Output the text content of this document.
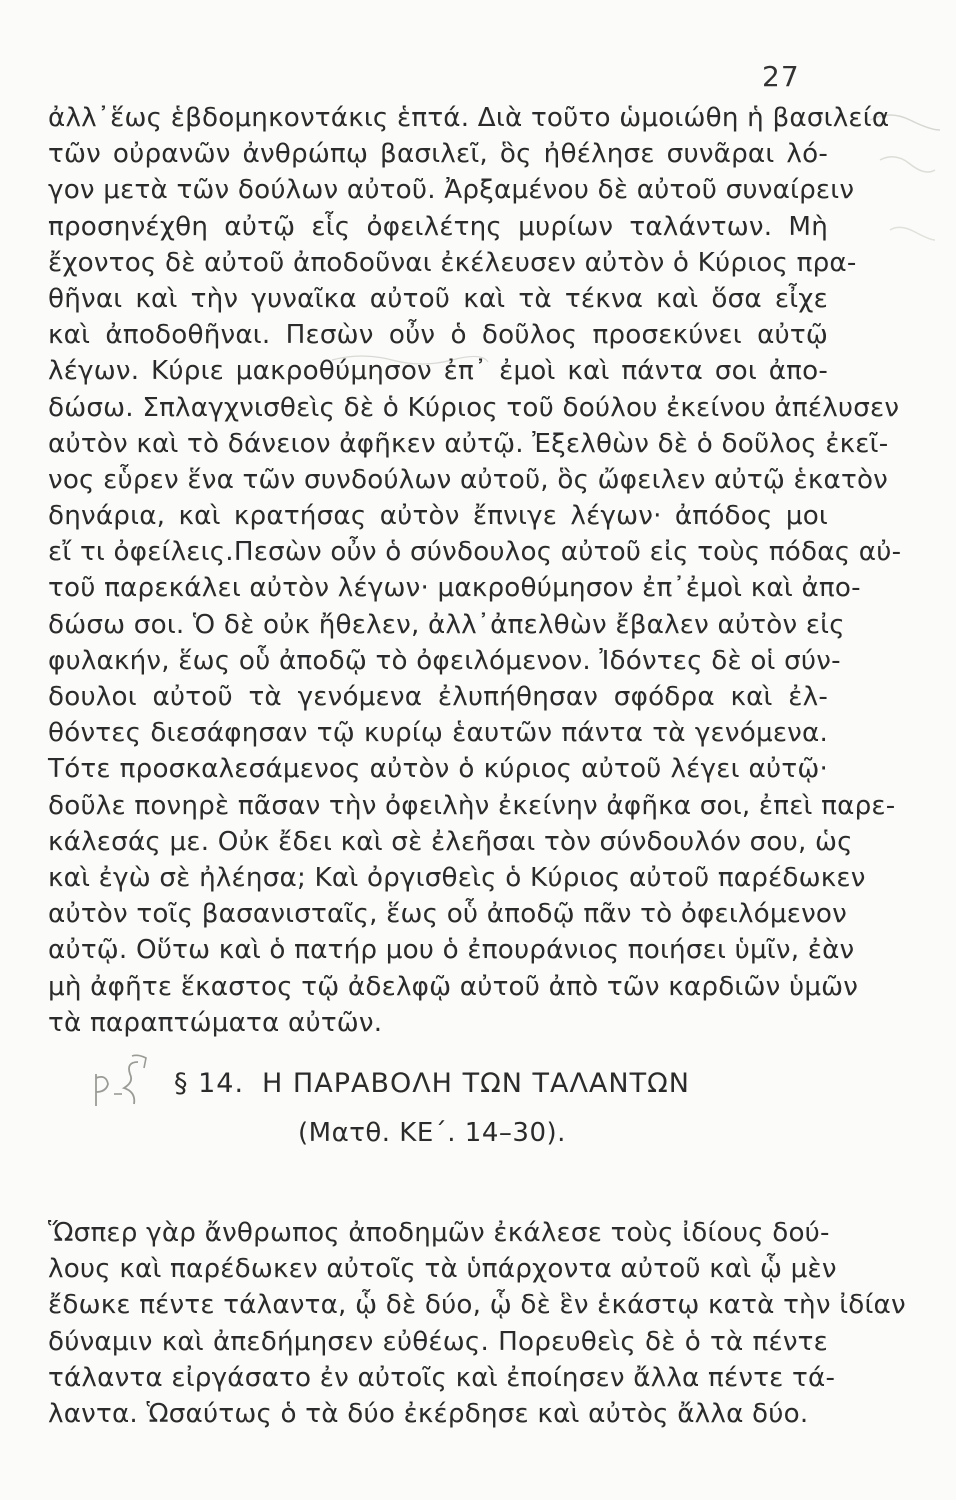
27
ἀλλ᾽ἕως ἑβδομηκοντάκις ἑπτά. Διὰ τοῦτο ὡμοιώθη ἡ βασιλεία
τῶν οὐρανῶν ἀνθρώπῳ βασιλεῖ, ὃς ἠθέλησε συνᾶραι λό-
γον μετὰ τῶν δούλων αὐτοῦ. Ἀρξαμένου δὲ αὐτοῦ συναίρειν
προσηνέχθη αὐτῷ εἷς ὀφειλέτης μυρίων ταλάντων. Μὴ
ἔχοντος δὲ αὐτοῦ ἀποδοῦναι ἐκέλευσεν αὐτὸν ὁ Κύριος πρα-
θῆναι καὶ τὴν γυναῖκα αὐτοῦ καὶ τὰ τέκνα καὶ ὅσα εἶχε
καὶ ἀποδοθῆναι. Πεσὼν οὖν ὁ δοῦλος προσεκύνει αὐτῷ
λέγων. Κύριε μακροθύμησον ἐπ᾽ ἐμοὶ καὶ πάντα σοι ἀπο-
δώσω. Σπλαγχνισθεὶς δὲ ὁ Κύριος τοῦ δούλου ἐκείνου ἀπέλυσεν
αὐτὸν καὶ τὸ δάνειον ἀφῆκεν αὐτῷ. Ἐξελθὼν δὲ ὁ δοῦλος ἐκεῖ-
νος εὗρεν ἕνα τῶν συνδούλων αὐτοῦ, ὃς ὤφειλεν αὐτῷ ἑκατὸν
δηνάρια, καὶ κρατήσας αὐτὸν ἔπνιγε λέγων· ἀπόδος μοι
εἴ τι ὀφείλεις.Πεσὼν οὖν ὁ σύνδουλος αὐτοῦ εἰς τοὺς πόδας αὐ-
τοῦ παρεκάλει αὐτὸν λέγων· μακροθύμησον ἐπ᾽ἐμοὶ καὶ ἀπο-
δώσω σοι. Ὁ δὲ οὐκ ἤθελεν, ἀλλ᾽ἀπελθὼν ἔβαλεν αὐτὸν εἰς
φυλακήν, ἕως οὗ ἀποδῷ τὸ ὀφειλόμενον. Ἰδόντες δὲ οἱ σύν-
δουλοι αὐτοῦ τὰ γενόμενα ἐλυπήθησαν σφόδρα καὶ ἐλ-
θόντες διεσάφησαν τῷ κυρίῳ ἑαυτῶν πάντα τὰ γενόμενα.
Τότε προσκαλεσάμενος αὐτὸν ὁ κύριος αὐτοῦ λέγει αὐτῷ·
δοῦλε πονηρὲ πᾶσαν τὴν ὀφειλὴν ἐκείνην ἀφῆκα σοι, ἐπεὶ παρε-
κάλεσάς με. Οὐκ ἔδει καὶ σὲ ἐλεῆσαι τὸν σύνδουλόν σου, ὡς
καὶ ἐγὼ σὲ ἠλέησα; Καὶ ὀργισθεὶς ὁ Κύριος αὐτοῦ παρέδωκεν
αὐτὸν τοῖς βασανισταῖς, ἕως οὗ ἀποδῷ πᾶν τὸ ὀφειλόμενον
αὐτῷ. Οὕτω καὶ ὁ πατήρ μου ὁ ἐπουράνιος ποιήσει ὑμῖν, ἐὰν
μὴ ἀφῆτε ἕκαστος τῷ ἀδελφῷ αὐτοῦ ἀπὸ τῶν καρδιῶν ὑμῶν
τὰ παραπτώματα αὐτῶν.
§ 14. Η ΠΑΡΑΒΟΛΗ ΤΩΝ ΤΑΛΑΝΤΩΝ
(Ματθ. ΚΕ΄. 14–30).
Ὥσπερ γὰρ ἄνθρωπος ἀποδημῶν ἐκάλεσε τοὺς ἰδίους δού-
λους καὶ παρέδωκεν αὐτοῖς τὰ ὑπάρχοντα αὐτοῦ καὶ ᾧ μὲν
ἔδωκε πέντε τάλαντα, ᾧ δὲ δύο, ᾧ δὲ ἓν ἑκάστῳ κατὰ τὴν ἰδίαν
δύναμιν καὶ ἀπεδήμησεν εὐθέως. Πορευθεὶς δὲ ὁ τὰ πέντε
τάλαντα εἰργάσατο ἐν αὐτοῖς καὶ ἐποίησεν ἄλλα πέντε τά-
λαντα. Ὡσαύτως ὁ τὰ δύο ἐκέρδησε καὶ αὐτὸς ἄλλα δύο.
